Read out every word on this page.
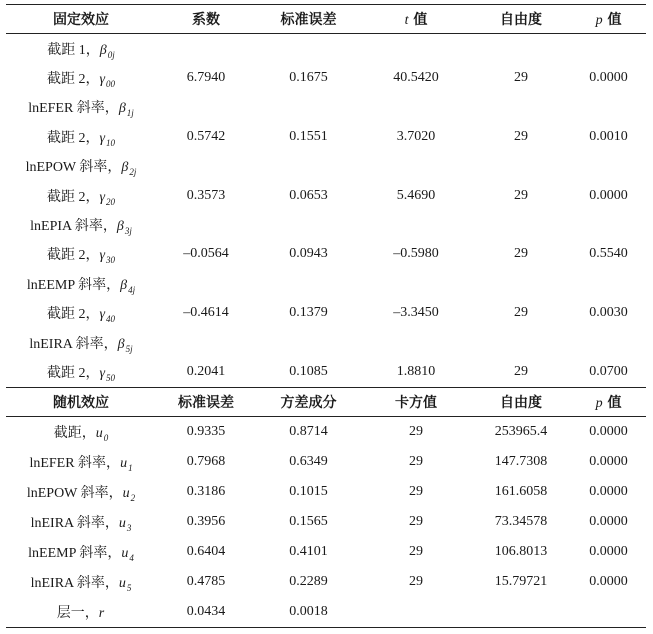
固定效应	系数	标准误差	t 值	自由度	p 值
截距 1，$\beta_{0j}$					
截距 2，$\gamma_{00}$	6.7940	0.1675	40.5420	29	0.0000
lnEFER 斜率，$\beta_{1j}$					
截距 2，$\gamma_{10}$	0.5742	0.1551	3.7020	29	0.0010
lnEPOW 斜率，$\beta_{2j}$					
截距 2，$\gamma_{20}$	0.3573	0.0653	5.4690	29	0.0000
lnEPIA 斜率，$\beta_{3j}$					
截距 2，$\gamma_{30}$	–0.0564	0.0943	–0.5980	29	0.5540
lnEEMP 斜率，$\beta_{4j}$					
截距 2，$\gamma_{40}$	–0.4614	0.1379	–3.3450	29	0.0030
lnEIRA 斜率，$\beta_{5j}$					
截距 2，$\gamma_{50}$	0.2041	0.1085	1.8810	29	0.0700
随机效应	标准误差	方差成分	卡方值	自由度	p 值
截距，$u_0$	0.9335	0.8714	29	253965.4	0.0000
lnEFER 斜率，$u_1$	0.7968	0.6349	29	147.7308	0.0000
lnEPOW 斜率，$u_2$	0.3186	0.1015	29	161.6058	0.0000
lnEIRA 斜率，$u_3$	0.3956	0.1565	29	73.34578	0.0000
lnEEMP 斜率，$u_4$	0.6404	0.4101	29	106.8013	0.0000
lnEIRA 斜率，$u_5$	0.4785	0.2289	29	15.79721	0.0000
层一，r	0.0434	0.0018			
